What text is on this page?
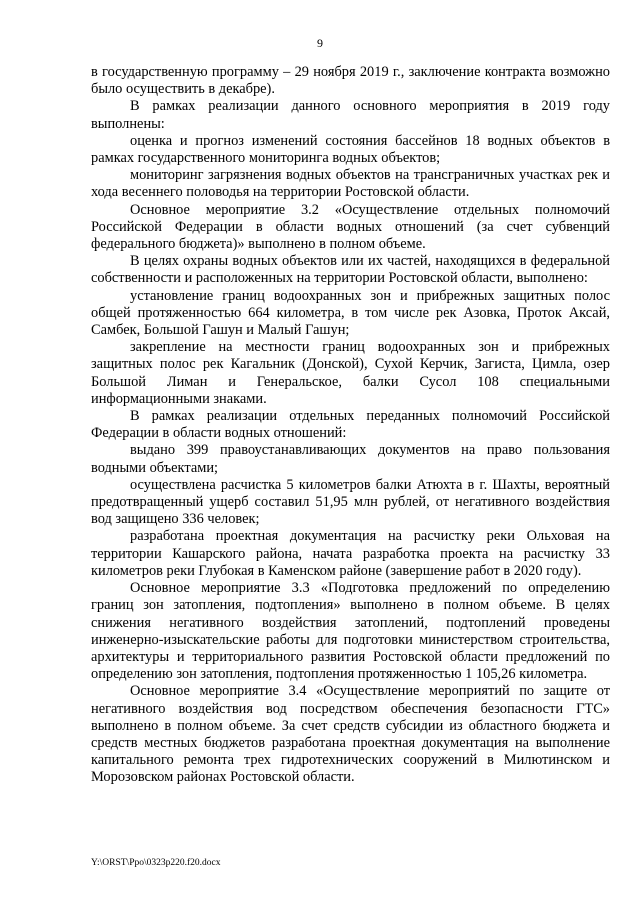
9

в государственную программу – 29 ноября 2019 г., заключение контракта возможно было осуществить в декабре).

В рамках реализации данного основного мероприятия в 2019 году выполнены:

оценка и прогноз изменений состояния бассейнов 18 водных объектов в рамках государственного мониторинга водных объектов;

мониторинг загрязнения водных объектов на трансграничных участках рек и хода весеннего половодья на территории Ростовской области.

Основное мероприятие 3.2 «Осуществление отдельных полномочий Российской Федерации в области водных отношений (за счет субвенций федерального бюджета)» выполнено в полном объеме.

В целях охраны водных объектов или их частей, находящихся в федеральной собственности и расположенных на территории Ростовской области, выполнено:

установление границ водоохранных зон и прибрежных защитных полос общей протяженностью 664 километра, в том числе рек Азовка, Проток Аксай, Самбек, Большой Гашун и Малый Гашун;

закрепление на местности границ водоохранных зон и прибрежных защитных полос рек Кагальник (Донской), Сухой Керчик, Загиста, Цимла, озер Большой Лиман и Генеральское, балки Сусол 108 специальными информационными знаками.

В рамках реализации отдельных переданных полномочий Российской Федерации в области водных отношений:

выдано 399 правоустанавливающих документов на право пользования водными объектами;

осуществлена расчистка 5 километров балки Атюхта в г. Шахты, вероятный предотвращенный ущерб составил 51,95 млн рублей, от негативного воздействия вод защищено 336 человек;

разработана проектная документация на расчистку реки Ольховая на территории Кашарского района, начата разработка проекта на расчистку 33 километров реки Глубокая в Каменском районе (завершение работ в 2020 году).

Основное мероприятие 3.3 «Подготовка предложений по определению границ зон затопления, подтопления» выполнено в полном объеме. В целях снижения негативного воздействия затоплений, подтоплений проведены инженерно-изыскательские работы для подготовки министерством строительства, архитектуры и территориального развития Ростовской области предложений по определению зон затопления, подтопления протяженностью 1 105,26 километра.

Основное мероприятие 3.4 «Осуществление мероприятий по защите от негативного воздействия вод посредством обеспечения безопасности ГТС» выполнено в полном объеме. За счет средств субсидии из областного бюджета и средств местных бюджетов разработана проектная документация на выполнение капитального ремонта трех гидротехнических сооружений в Милютинском и Морозовском районах Ростовской области.

Y:\ORST\Ppo\0323p220.f20.docx
